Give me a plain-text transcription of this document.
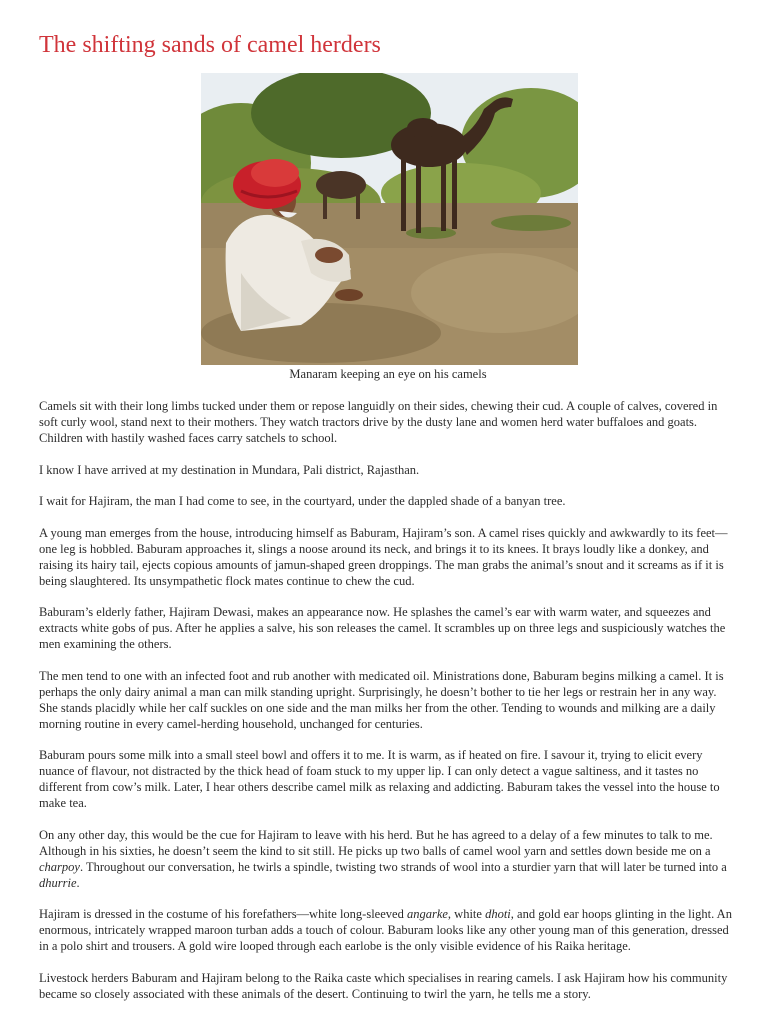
The shifting sands of camel herders
Manaram keeping an eye on his camels

Camels sit with their long limbs tucked under them or repose languidly on their sides, chewing their cud. A couple of calves, covered in soft curly wool, stand next to their mothers. They watch tractors drive by the dusty lane and women herd water buffaloes and goats. Children with hastily washed faces carry satchels to school.

I know I have arrived at my destination in Mundara, Pali district, Rajasthan.

I wait for Hajiram, the man I had come to see, in the courtyard, under the dappled shade of a banyan tree.

A young man emerges from the house, introducing himself as Baburam, Hajiram’s son. A camel rises quickly and awkwardly to its feet—one leg is hobbled. Baburam approaches it, slings a noose around its neck, and brings it to its knees. It brays loudly like a donkey, and raising its hairy tail, ejects copious amounts of jamun-shaped green droppings. The man grabs the animal’s snout and it screams as if it is being slaughtered. Its unsympathetic flock mates continue to chew the cud.

Baburam’s elderly father, Hajiram Dewasi, makes an appearance now. He splashes the camel’s ear with warm water, and squeezes and extracts white gobs of pus. After he applies a salve, his son releases the camel. It scrambles up on three legs and suspiciously watches the men examining the others.

The men tend to one with an infected foot and rub another with medicated oil. Ministrations done, Baburam begins milking a camel. It is perhaps the only dairy animal a man can milk standing upright. Surprisingly, he doesn’t bother to tie her legs or restrain her in any way. She stands placidly while her calf suckles on one side and the man milks her from the other. Tending to wounds and milking are a daily morning routine in every camel-herding household, unchanged for centuries.

Baburam pours some milk into a small steel bowl and offers it to me. It is warm, as if heated on fire. I savour it, trying to elicit every nuance of flavour, not distracted by the thick head of foam stuck to my upper lip. I can only detect a vague saltiness, and it tastes no different from cow’s milk. Later, I hear others describe camel milk as relaxing and addicting. Baburam takes the vessel into the house to make tea.

On any other day, this would be the cue for Hajiram to leave with his herd. But he has agreed to a delay of a few minutes to talk to me. Although in his sixties, he doesn’t seem the kind to sit still. He picks up two balls of camel wool yarn and settles down beside me on a charpoy. Throughout our conversation, he twirls a spindle, twisting two strands of wool into a sturdier yarn that will later be turned into a dhurrie.

Hajiram is dressed in the costume of his forefathers—white long-sleeved angarke, white dhoti, and gold ear hoops glinting in the light. An enormous, intricately wrapped maroon turban adds a touch of colour. Baburam looks like any other young man of this generation, dressed in a polo shirt and trousers. A gold wire looped through each earlobe is the only visible evidence of his Raika heritage.

Livestock herders Baburam and Hajiram belong to the Raika caste which specialises in rearing camels. I ask Hajiram how his community became so closely associated with these animals of the desert. Continuing to twirl the yarn, he tells me a story.
